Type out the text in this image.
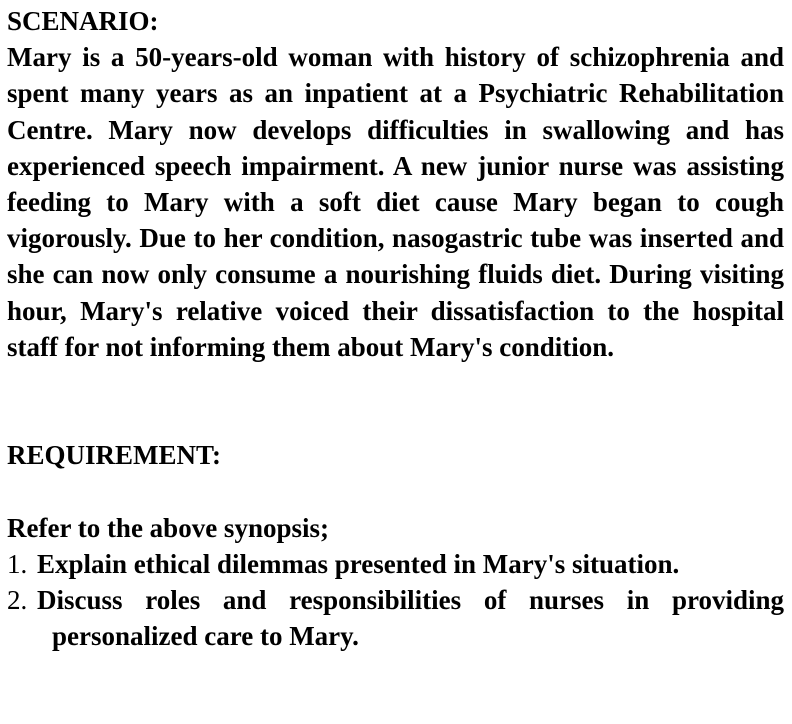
SCENARIO:

Mary is a 50-years-old woman with history of schizophrenia and spent many years as an inpatient at a Psychiatric Rehabilitation Centre. Mary now develops difficulties in swallowing and has experienced speech impairment. A new junior nurse was assisting feeding to Mary with a soft diet cause Mary began to cough vigorously. Due to her condition, nasogastric tube was inserted and she can now only consume a nourishing fluids diet. During visiting hour, Mary's relative voiced their dissatisfaction to the hospital staff for not informing them about Mary's condition.

REQUIREMENT:

Refer to the above synopsis;

1. Explain ethical dilemmas presented in Mary's situation.
2. Discuss roles and responsibilities of nurses in providing personalized care to Mary.
